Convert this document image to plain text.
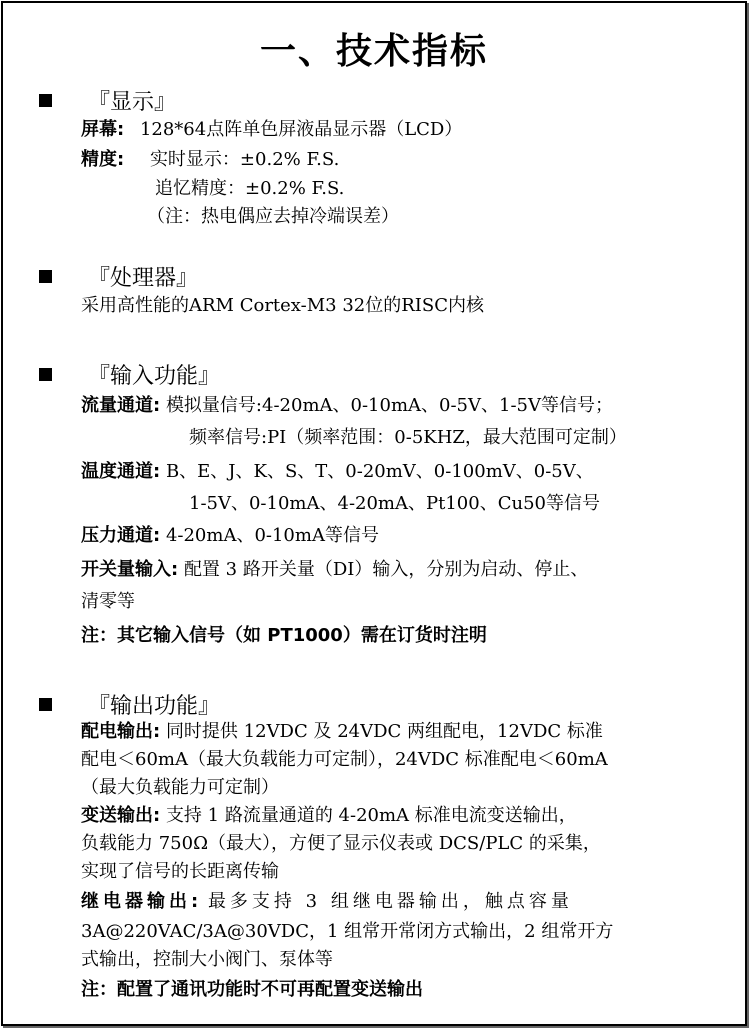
一、技术指标
『显示』
屏幕: 128*64点阵单色屏液晶显示器（LCD）
精度: 实时显示：±0.2% F.S.
追忆精度：±0.2% F.S.
（注：热电偶应去掉冷端误差）
『处理器』
采用高性能的ARM Cortex-M3 32位的RISC内核
『输入功能』
流量通道: 模拟量信号:4-20mA、0-10mA、0-5V、1-5V等信号；
频率信号:PI（频率范围：0-5KHZ，最大范围可定制）
温度通道: B、E、J、K、S、T、0-20mV、0-100mV、0-5V、
1-5V、0-10mA、4-20mA、Pt100、Cu50等信号
压力通道: 4-20mA、0-10mA等信号
开关量输入: 配置 3 路开关量（DI）输入，分别为启动、停止、
清零等
注：其它输入信号（如 PT1000）需在订货时注明
『输出功能』
配电输出: 同时提供 12VDC 及 24VDC 两组配电，12VDC 标准
配电＜60mA（最大负载能力可定制），24VDC 标准配电＜60mA
（最大负载能力可定制）
变送输出: 支持 1 路流量通道的 4-20mA 标准电流变送输出，
负载能力 750Ω（最大），方便了显示仪表或 DCS/PLC 的采集，
实现了信号的长距离传输
继电器输出: 最多支持 3 组继电器输出，触点容量
3A@220VAC/3A@30VDC，1 组常开常闭方式输出，2 组常开方
式输出，控制大小阀门、泵体等
注：配置了通讯功能时不可再配置变送输出
